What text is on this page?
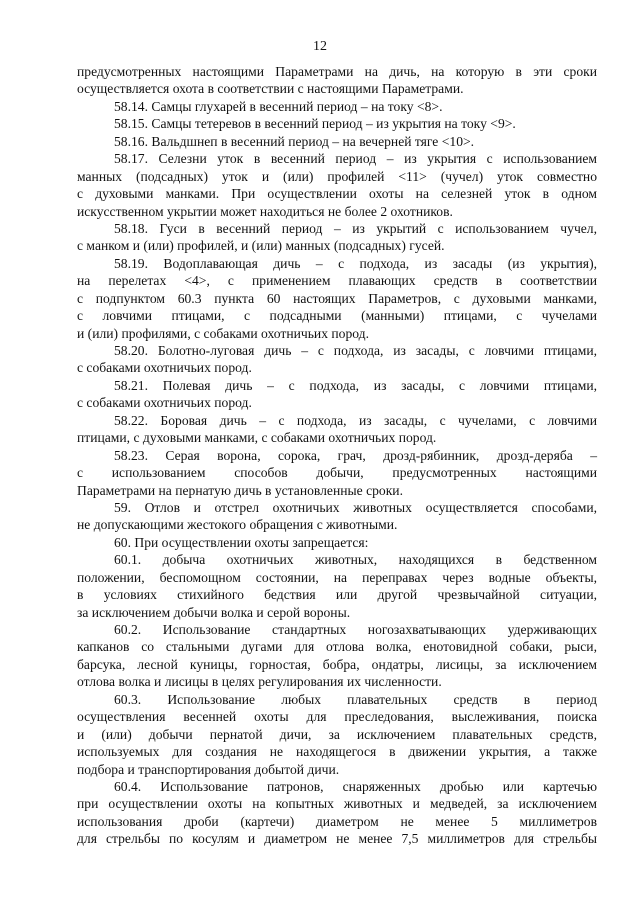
12
предусмотренных настоящими Параметрами на дичь, на которую в эти сроки
осуществляется охота в соответствии с настоящими Параметрами.
58.14. Самцы глухарей в весенний период – на току <8>.
58.15. Самцы тетеревов в весенний период – из укрытия на току <9>.
58.16. Вальдшнеп в весенний период – на вечерней тяге <10>.
58.17. Селезни уток в весенний период – из укрытия с использованием
манных (подсадных) уток и (или) профилей <11> (чучел) уток совместно
с духовыми манками. При осуществлении охоты на селезней уток в одном
искусственном укрытии может находиться не более 2 охотников.
58.18. Гуси в весенний период – из укрытий с использованием чучел,
с манком и (или) профилей, и (или) манных (подсадных) гусей.
58.19. Водоплавающая дичь – с подхода, из засады (из укрытия),
на перелетах <4>, с применением плавающих средств в соответствии
с подпунктом 60.3 пункта 60 настоящих Параметров, с духовыми манками,
с ловчими птицами, с подсадными (манными) птицами, с чучелами
и (или) профилями, с собаками охотничьих пород.
58.20. Болотно-луговая дичь – с подхода, из засады, с ловчими птицами,
с собаками охотничьих пород.
58.21. Полевая дичь – с подхода, из засады, с ловчими птицами,
с собаками охотничьих пород.
58.22. Боровая дичь – с подхода, из засады, с чучелами, с ловчими
птицами, с духовыми манками, с собаками охотничьих пород.
58.23. Серая ворона, сорока, грач, дрозд-рябинник, дрозд-деряба –
с использованием способов добычи, предусмотренных настоящими
Параметрами на пернатую дичь в установленные сроки.
59. Отлов и отстрел охотничьих животных осуществляется способами,
не допускающими жестокого обращения с животными.
60. При осуществлении охоты запрещается:
60.1. добыча охотничьих животных, находящихся в бедственном
положении, беспомощном состоянии, на переправах через водные объекты,
в условиях стихийного бедствия или другой чрезвычайной ситуации,
за исключением добычи волка и серой вороны.
60.2. Использование стандартных ногозахватывающих удерживающих
капканов со стальными дугами для отлова волка, енотовидной собаки, рыси,
барсука, лесной куницы, горностая, бобра, ондатры, лисицы, за исключением
отлова волка и лисицы в целях регулирования их численности.
60.3. Использование любых плавательных средств в период
осуществления весенней охоты для преследования, выслеживания, поиска
и (или) добычи пернатой дичи, за исключением плавательных средств,
используемых для создания не находящегося в движении укрытия, а также
подбора и транспортирования добытой дичи.
60.4. Использование патронов, снаряженных дробью или картечью
при осуществлении охоты на копытных животных и медведей, за исключением
использования дроби (картечи) диаметром не менее 5 миллиметров
для стрельбы по косулям и диаметром не менее 7,5 миллиметров для стрельбы
